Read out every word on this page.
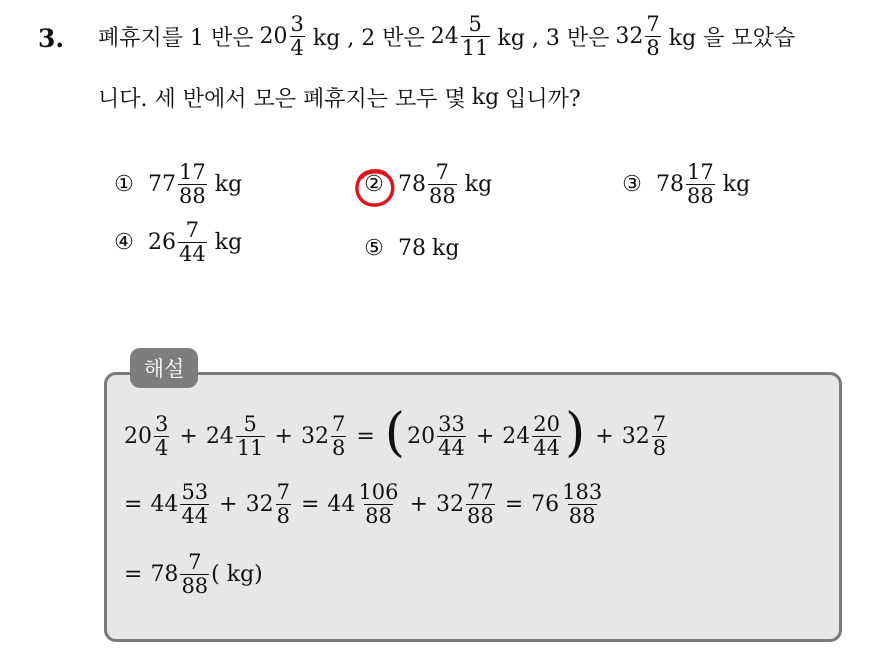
3. 폐휴지를 1 반은 $20 \frac{3}{4}$ kg , 2 반은 $24 \frac{5}{11}$ kg , 3 반은 $32 \frac{7}{8}$ kg 을 모았습
니다. 세 반에서 모은 폐휴지는 모두 몇 kg 입니까?
① $77 \frac{17}{88}$ kg	② $78 \frac{7}{88}$ kg	③ $78 \frac{17}{88}$ kg
④ $26 \frac{7}{44}$ kg	⑤ 78 kg
해설
$20 \frac{3}{4} + 24 \frac{5}{11} + 32 \frac{7}{8}$ = ( $20 \frac{33}{44} + 24 \frac{20}{44}$ ) + $32 \frac{7}{8}$
= $44 \frac{53}{44} + 32 \frac{7}{8} = 44 \frac{106}{88} + 32 \frac{77}{88} = 76 \frac{183}{88}$
= $78 \frac{7}{88}$ ( kg)
